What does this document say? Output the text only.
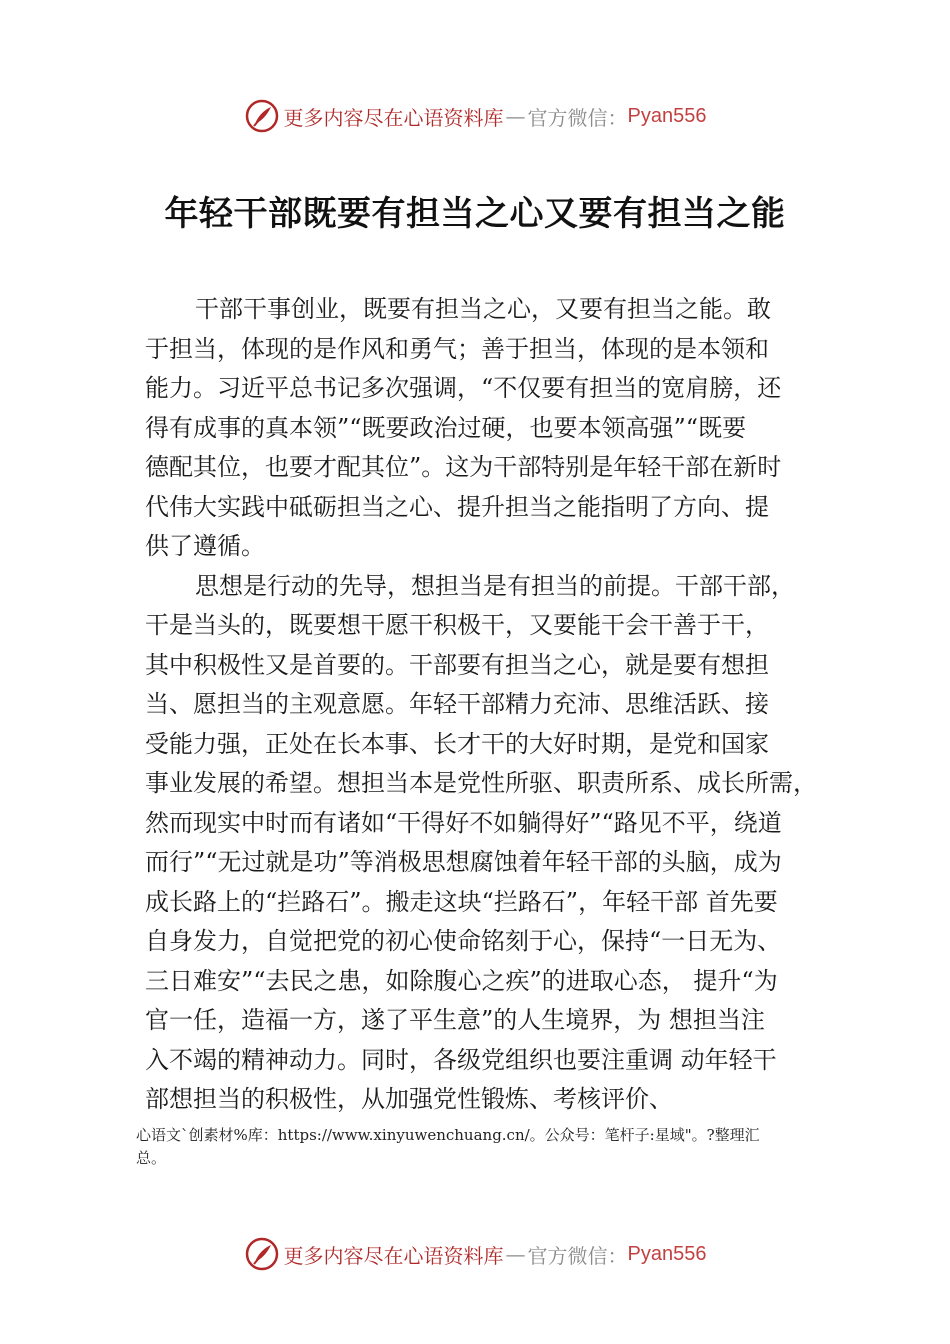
更多内容尽在心语资料库 — 官方微信： Pyan556
年轻干部既要有担当之心又要有担当之能

干部干事创业，既要有担当之心，又要有担当之能。敢
于担当，体现的是作风和勇气；善于担当，体现的是本领和
能力。习近平总书记多次强调，“不仅要有担当的宽肩膀，还
得有成事的真本领”“既要政治过硬，也要本领高强”“既要
德配其位，也要才配其位”。这为干部特别是年轻干部在新时
代伟大实践中砥砺担当之心、提升担当之能指明了方向、提
供了遵循。

思想是行动的先导，想担当是有担当的前提。干部干部，
干是当头的，既要想干愿干积极干，又要能干会干善于干，
其中积极性又是首要的。干部要有担当之心，就是要有想担
当、愿担当的主观意愿。年轻干部精力充沛、思维活跃、接
受能力强，正处在长本事、长才干的大好时期，是党和国家
事业发展的希望。想担当本是党性所驱、职责所系、成长所需，
然而现实中时而有诸如“干得好不如躺得好”“路见不平，绕道
而行”“无过就是功”等消极思想腐蚀着年轻干部的头脑，成为
成长路上的“拦路石”。搬走这块“拦路石”，年轻干部 首先要
自身发力，自觉把党的初心使命铭刻于心，保持“一日无为、
三日难安”“去民之患，如除腹心之疾”的进取心态， 提升“为
官一任，造福一方，遂了平生意”的人生境界，为 想担当注
入不竭的精神动力。同时，各级党组织也要注重调 动年轻干
部想担当的积极性，从加强党性锻炼、考核评价、

心语文`创素材%库：https://www.xinyuwenchuang.cn/。公众号：笔杆子:星域"。?整理汇
总。
更多内容尽在心语资料库 — 官方微信： Pyan556
